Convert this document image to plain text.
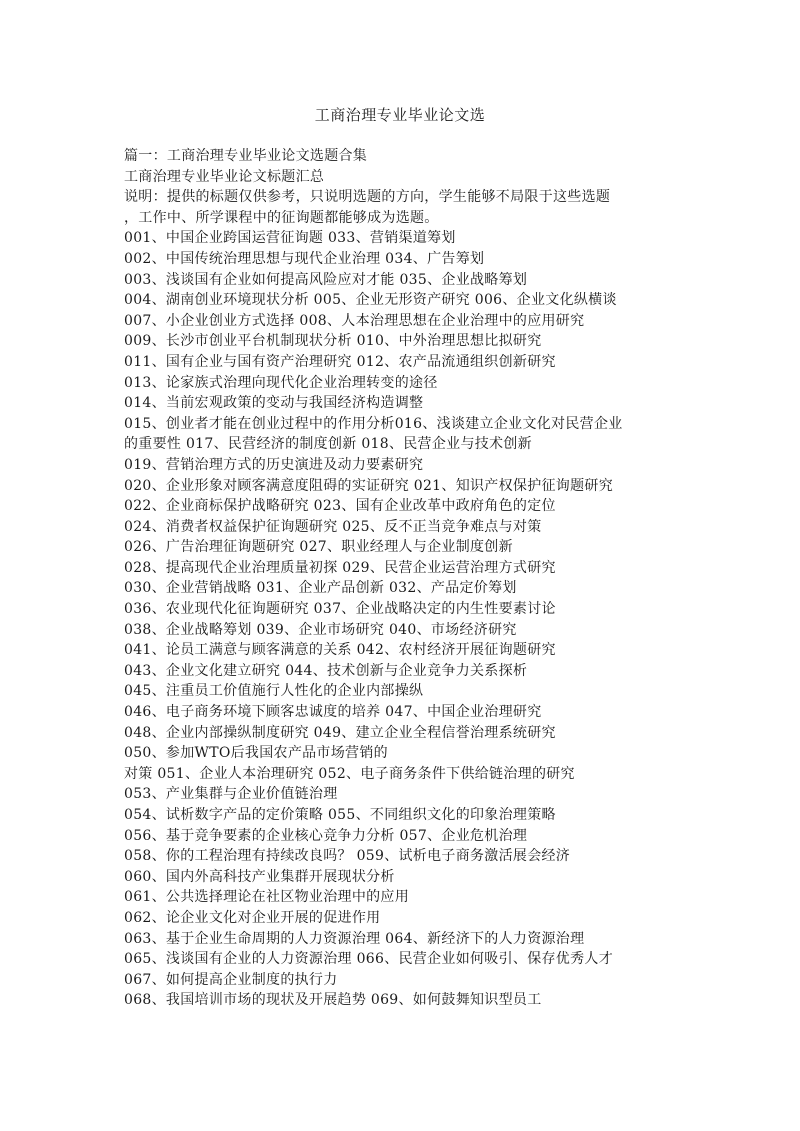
工商治理专业毕业论文选
篇一：工商治理专业毕业论文选题合集
工商治理专业毕业论文标题汇总
说明：提供的标题仅供参考，只说明选题的方向，学生能够不局限于这些选题
，工作中、所学课程中的征询题都能够成为选题。
001、中国企业跨国运营征询题 033、营销渠道筹划
002、中国传统治理思想与现代企业治理 034、广告筹划
003、浅谈国有企业如何提高风险应对才能 035、企业战略筹划
004、湖南创业环境现状分析 005、企业无形资产研究 006、企业文化纵横谈
007、小企业创业方式选择 008、人本治理思想在企业治理中的应用研究
009、长沙市创业平台机制现状分析 010、中外治理思想比拟研究
011、国有企业与国有资产治理研究 012、农产品流通组织创新研究
013、论家族式治理向现代化企业治理转变的途径
014、当前宏观政策的变动与我国经济构造调整
015、创业者才能在创业过程中的作用分析016、浅谈建立企业文化对民营企业
的重要性 017、民营经济的制度创新 018、民营企业与技术创新
019、营销治理方式的历史演进及动力要素研究
020、企业形象对顾客满意度阻碍的实证研究 021、知识产权保护征询题研究
022、企业商标保护战略研究 023、国有企业改革中政府角色的定位
024、消费者权益保护征询题研究 025、反不正当竞争难点与对策
026、广告治理征询题研究 027、职业经理人与企业制度创新
028、提高现代企业治理质量初探 029、民营企业运营治理方式研究
030、企业营销战略 031、企业产品创新 032、产品定价筹划
036、农业现代化征询题研究 037、企业战略决定的内生性要素讨论
038、企业战略筹划 039、企业市场研究 040、市场经济研究
041、论员工满意与顾客满意的关系 042、农村经济开展征询题研究
043、企业文化建立研究 044、技术创新与企业竞争力关系探析
045、注重员工价值施行人性化的企业内部操纵
046、电子商务环境下顾客忠诚度的培养 047、中国企业治理研究
048、企业内部操纵制度研究 049、建立企业全程信誉治理系统研究
050、参加WTO后我国农产品市场营销的
对策 051、企业人本治理研究 052、电子商务条件下供给链治理的研究
053、产业集群与企业价值链治理
054、试析数字产品的定价策略 055、不同组织文化的印象治理策略
056、基于竞争要素的企业核心竞争力分析 057、企业危机治理
058、你的工程治理有持续改良吗？ 059、试析电子商务激活展会经济
060、国内外高科技产业集群开展现状分析
061、公共选择理论在社区物业治理中的应用
062、论企业文化对企业开展的促进作用
063、基于企业生命周期的人力资源治理 064、新经济下的人力资源治理
065、浅谈国有企业的人力资源治理 066、民营企业如何吸引、保存优秀人才
067、如何提高企业制度的执行力
068、我国培训市场的现状及开展趋势 069、如何鼓舞知识型员工
